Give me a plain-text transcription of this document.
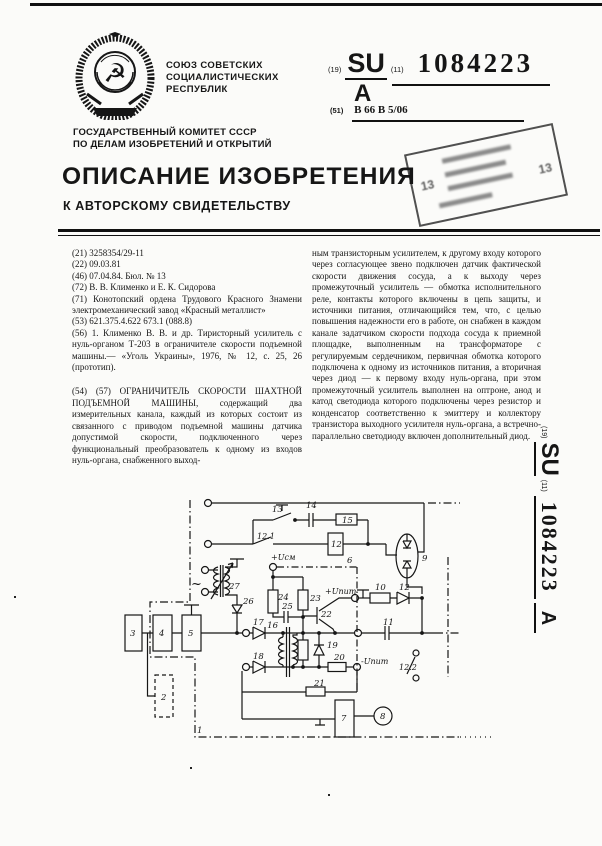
☭	СОЮЗ СОВЕТСКИХ
СОЦИАЛИСТИЧЕСКИХ
РЕСПУБЛИК
ГОСУДАРСТВЕННЫЙ КОМИТЕТ СССР
ПО ДЕЛАМ ИЗОБРЕТЕНИЙ И ОТКРЫТИЙ
(19) SU (11) 1084223 A
(51) В 66 В 5/06
13
13
ОПИСАНИЕ ИЗОБРЕТЕНИЯ
К АВТОРСКОМУ СВИДЕТЕЛЬСТВУ

(21) 3258354/29-11

(22) 09.03.81

(46) 07.04.84. Бюл. № 13

(72) В. В. Клименко и Е. К. Сидорова

(71) Конотопский ордена Трудового Красного Знамени электромеханический завод «Красный металлист»

(53) 621.375.4.622 673.1 (088.8)

(56) 1. Клименко В. В. и др. Тиристорный усилитель с нуль-органом Т-203 в ограничителе скорости подъемной машины.— «Уголь Украины», 1976, № 12, с. 25, 26 (прототип).

(54) (57) ОГРАНИЧИТЕЛЬ СКОРОСТИ ШАХТНОЙ ПОДЪЕМНОЙ МАШИНЫ, содержащий два измерительных канала, каждый из которых состоит из связанного с приводом подъемной машины датчика допустимой скорости, подключенного через функциональный преобразователь к одному из входов нуль-органа, снабженного выход-

ным транзисторным усилителем, к другому входу которого через согласующее звено подключен датчик фактической скорости движения сосуда, а к выходу через промежуточный усилитель — обмотка исполнительного реле, контакты которого включены в цепь защиты, и источники питания, отличающийся тем, что, с целью повышения надежности его в работе, он снабжен в каждом канале задатчиком скорости подхода сосуда к приемной площадке, выполненным на трансформаторе с регулируемым сердечником, первичная обмотка которого подключена к одному из источников питания, а вторичная через диод — к первому входу нуль-органа, при этом промежуточный усилитель выполнен на оптроне, анод и катод светодиода которого подключены через резистор и конденсатор соответственно к эмиттеру и коллектору транзистора выходного усилителя нуль-органа, а встречно-параллельно светодиоду включен дополнительный диод.	(19)
SU
(11)
1084223
А
13	14
15
12
12.1
9
27
26	24
25
23
22
6
10 12
11
1
2
3	4	5
7	8
16
17
18
19
20
21
12.2
+Uсм
+Uпит
-Uпит
~
